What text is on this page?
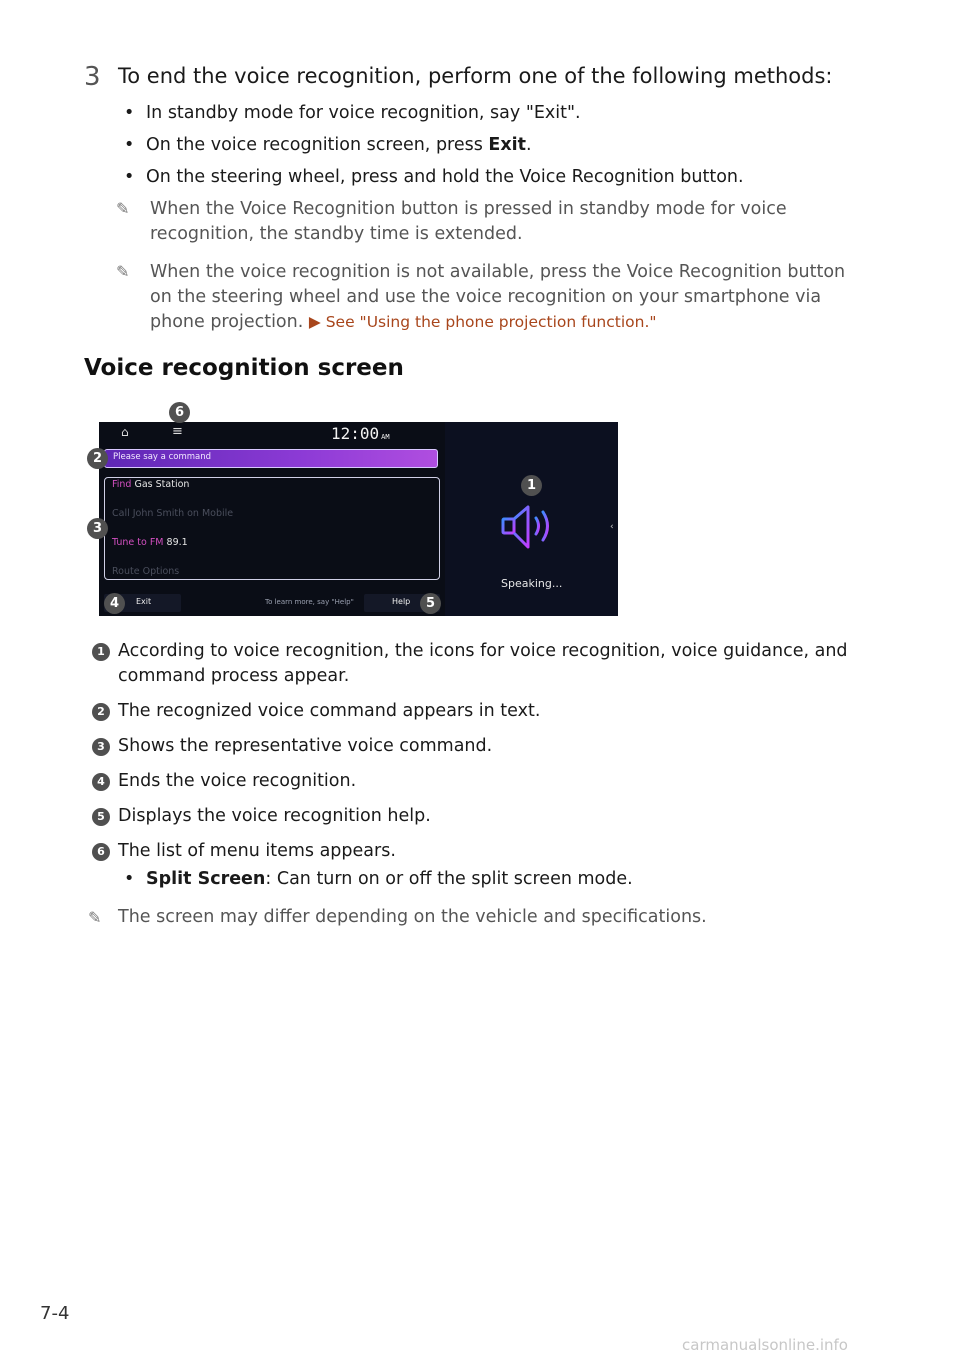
3 To end the voice recognition, perform one of the following methods:
• In standby mode for voice recognition, say "Exit".
• On the voice recognition screen, press Exit.
• On the steering wheel, press and hold the Voice Recognition button.
✎ When the Voice Recognition button is pressed in standby mode for voice recognition, the standby time is extended.
✎ When the voice recognition is not available, press the Voice Recognition button on the steering wheel and use the voice recognition on your smartphone via phone projection. ▶ See "Using the phone projection function."
Voice recognition screen
⌂	≡	12:00 AM
Please say a command
Find Gas Station
Call John Smith on Mobile
Tune to FM 89.1
Route Options
Exit	To learn more, say "Help"	Help
Speaking...
‹
6
2
1
3
4	5
1 According to voice recognition, the icons for voice recognition, voice guidance, and command process appear.
2 The recognized voice command appears in text.
3 Shows the representative voice command.
4 Ends the voice recognition.
5 Displays the voice recognition help.
6 The list of menu items appears.
• Split Screen: Can turn on or off the split screen mode.
✎ The screen may differ depending on the vehicle and specifications.
7-4
carmanualsonline.info
